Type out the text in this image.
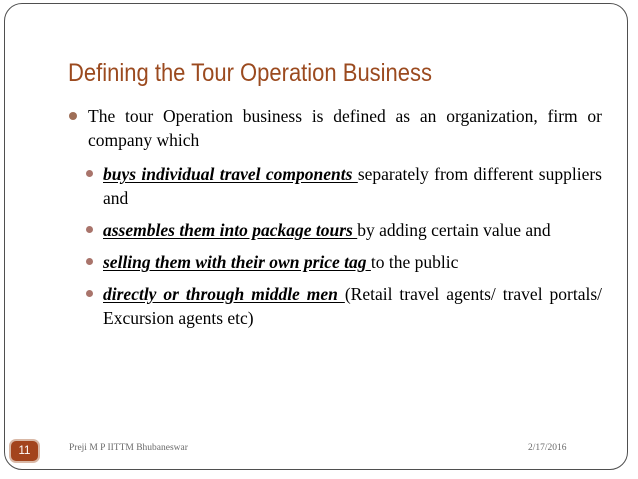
Defining the Tour Operation Business
The tour Operation business is defined as an organization, firm or company which
buys individual travel components separately from different suppliers and
assembles them into package tours by adding certain value and
selling them with their own price tag to the public
directly or through middle men (Retail travel agents/ travel portals/ Excursion agents etc)
11	Preji M P IITTM Bhubaneswar	2/17/2016
